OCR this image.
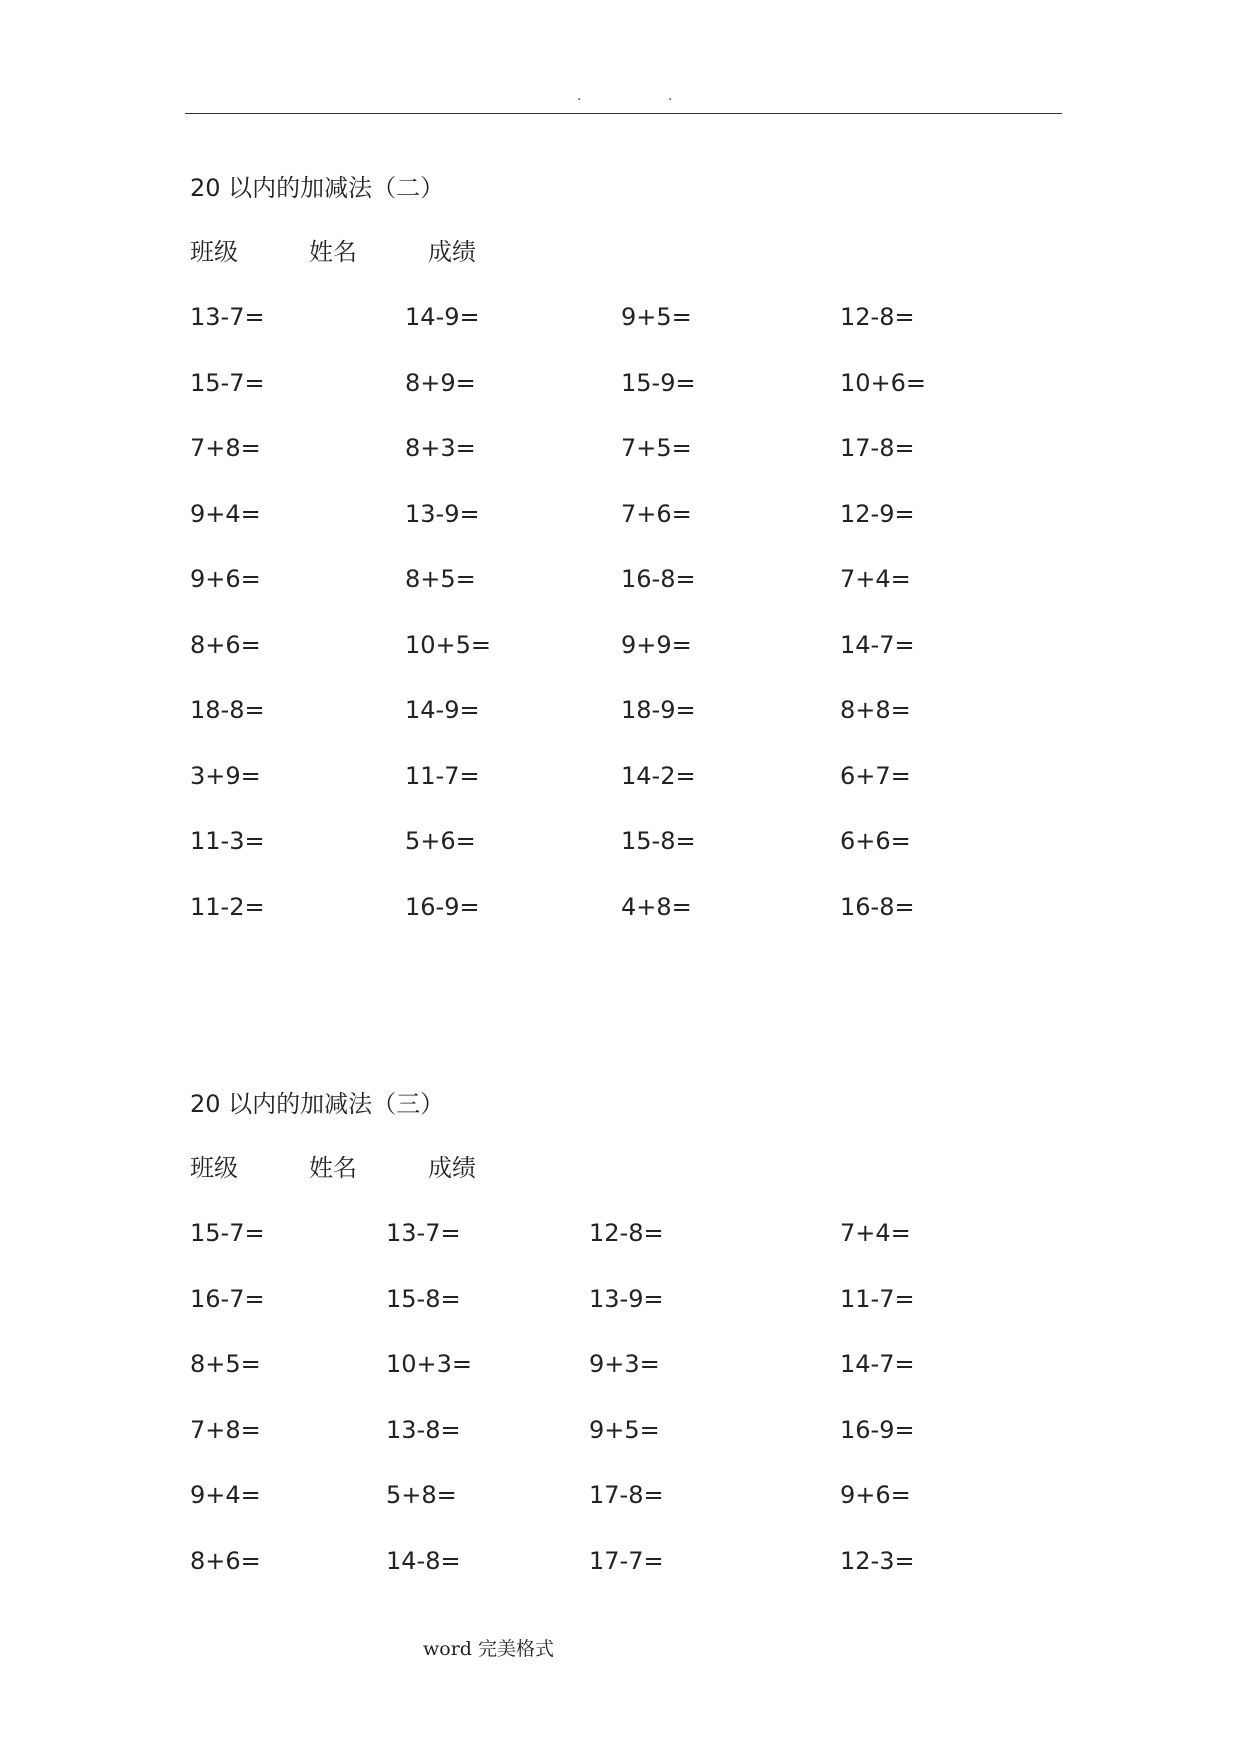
.	.
20 以内的加减法（二）
班级	姓名	成绩
13-7=	14-9=	9+5=	12-8=
15-7=	8+9=	15-9=	10+6=
7+8=	8+3=	7+5=	17-8=
9+4=	13-9=	7+6=	12-9=
9+6=	8+5=	16-8=	7+4=
8+6=	10+5=	9+9=	14-7=
18-8=	14-9=	18-9=	8+8=
3+9=	11-7=	14-2=	6+7=
11-3=	5+6=	15-8=	6+6=
11-2=	16-9=	4+8=	16-8=
20 以内的加减法（三）
班级	姓名	成绩
15-7=	13-7=	12-8=	7+4=
16-7=	15-8=	13-9=	11-7=
8+5=	10+3=	9+3=	14-7=
7+8=	13-8=	9+5=	16-9=
9+4=	5+8=	17-8=	9+6=
8+6=	14-8=	17-7=	12-3=
word 完美格式
